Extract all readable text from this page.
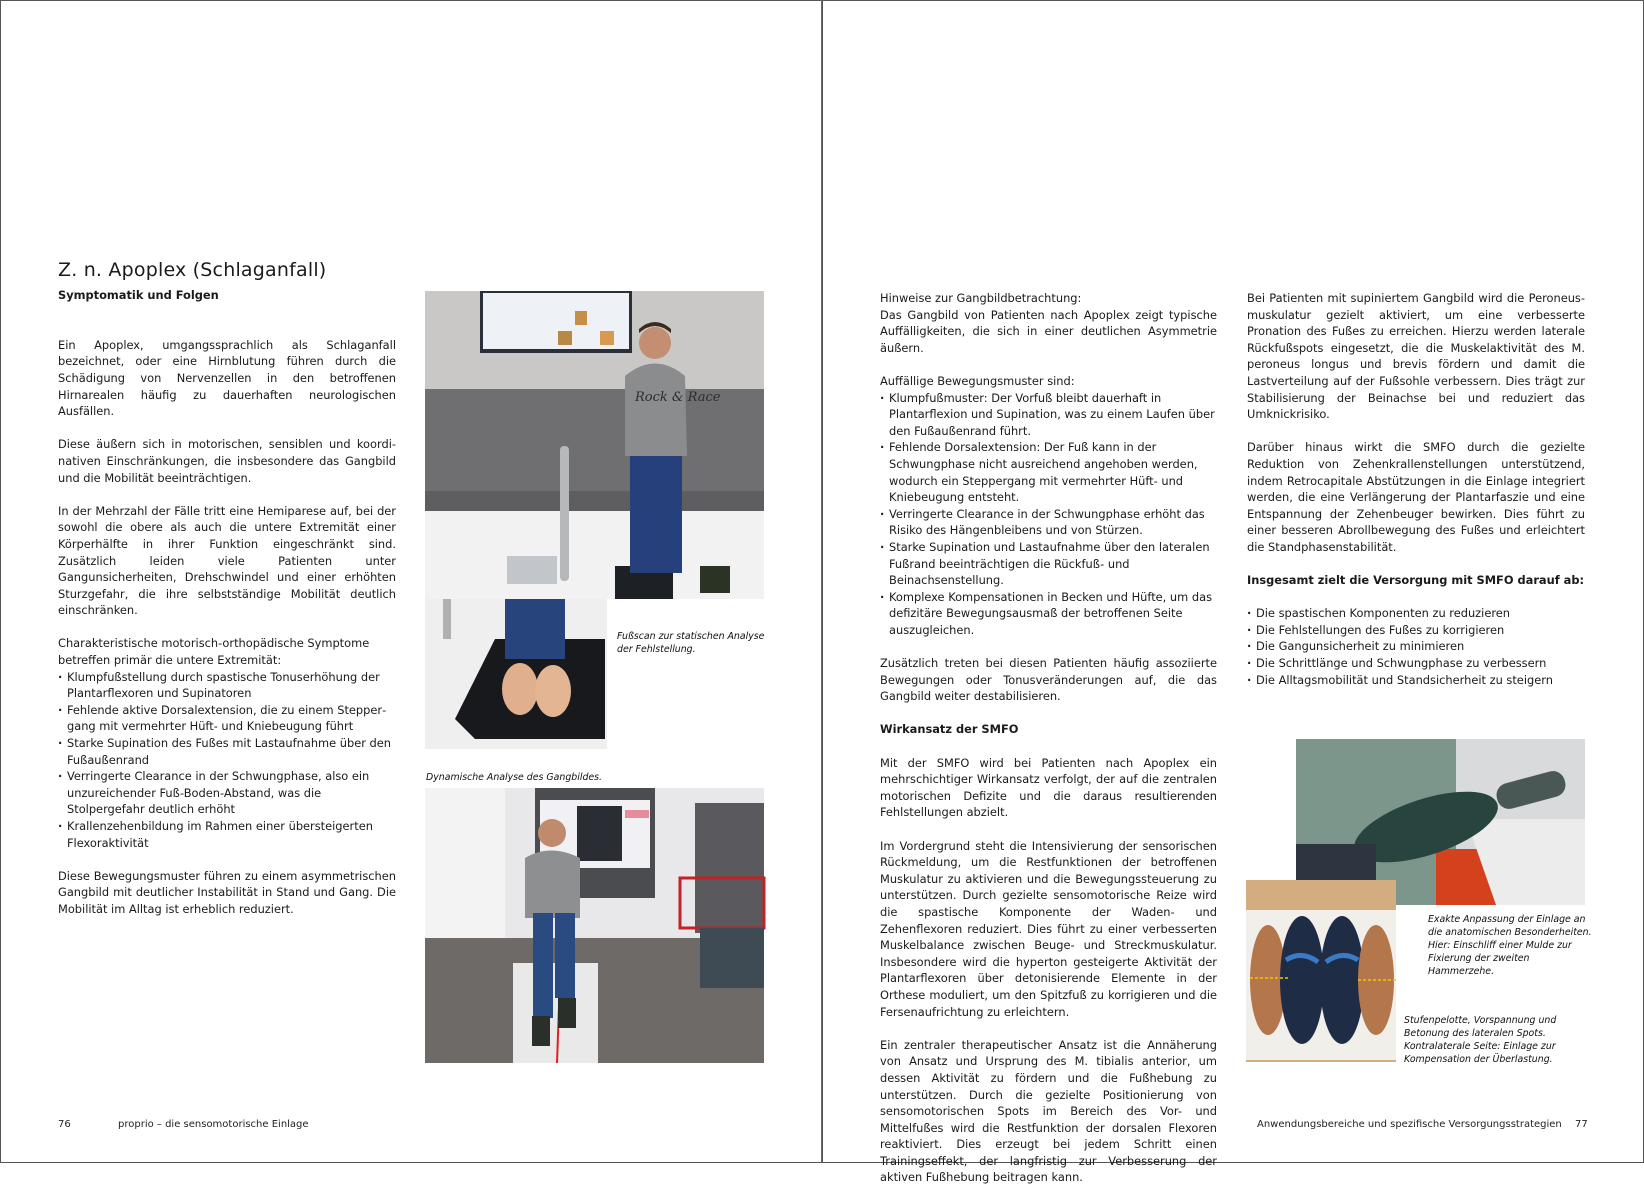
Z. n. Apoplex (Schlaganfall)

Symptomatik und Folgen

Ein Apoplex, umgangssprachlich als Schlaganfall bezeichnet, oder eine Hirnblutung führen durch die Schädigung von Nervenzellen in den betroffenen Hirnarealen häufig zu dauerhaften neurologischen Ausfällen.

Diese äußern sich in motorischen, sensiblen und koordinativen Einschränkungen, die insbesondere das Gangbild und die Mobilität beeinträchtigen.

In der Mehrzahl der Fälle tritt eine Hemiparese auf, bei der sowohl die obere als auch die untere Extremität einer Körperhälfte in ihrer Funktion eingeschränkt sind. Zusätzlich leiden viele Patienten unter Gangunsicherheiten, Drehschwindel und einer erhöhten Sturzgefahr, die ihre selbstständige Mobilität deutlich einschränken.

Charakteristische motorisch-orthopädische Symptome betreffen primär die untere Extremität:

· Klumpfußstellung durch spastische Tonuserhöhung der Plantarflexoren und Supinatoren
· Fehlende aktive Dorsalextension, die zu einem Steppergang mit vermehrter Hüft- und Kniebeugung führt
· Starke Supination des Fußes mit Lastaufnahme über den Fußaußenrand
· Verringerte Clearance in der Schwungphase, also ein unzureichender Fuß-Boden-Abstand, was die Stolpergefahr deutlich erhöht
· Krallenzehenbildung im Rahmen einer übersteigerten Flexoraktivität

Diese Bewegungsmuster führen zu einem asymmetrischen Gangbild mit deutlicher Instabilität in Stand und Gang. Die Mobilität im Alltag ist erheblich reduziert.

Rock & Race
Fußscan zur statischen Analyse der Fehlstellung.
Dynamische Analyse des Gangbildes.
76	proprio – die sensomotorische Einlage

Hinweise zur Gangbildbetrachtung:

Das Gangbild von Patienten nach Apoplex zeigt typische Auffälligkeiten, die sich in einer deutlichen Asymmetrie äußern.

Auffällige Bewegungsmuster sind:

· Klumpfußmuster: Der Vorfuß bleibt dauerhaft in Plantarflexion und Supination, was zu einem Laufen über den Fußaußenrand führt.
· Fehlende Dorsalextension: Der Fuß kann in der Schwungphase nicht ausreichend angehoben werden, wodurch ein Steppergang mit vermehrter Hüft- und Kniebeugung entsteht.
· Verringerte Clearance in der Schwungphase erhöht das Risiko des Hängenbleibens und von Stürzen.
· Starke Supination und Lastaufnahme über den lateralen Fußrand beeinträchtigen die Rückfuß- und Beinachsenstellung.
· Komplexe Kompensationen in Becken und Hüfte, um das defizitäre Bewegungsausmaß der betroffenen Seite auszugleichen.

Zusätzlich treten bei diesen Patienten häufig assoziierte Bewegungen oder Tonusveränderungen auf, die das Gangbild weiter destabilisieren.

Wirkansatz der SMFO

Mit der SMFO wird bei Patienten nach Apoplex ein mehrschichtiger Wirkansatz verfolgt, der auf die zentralen motorischen Defizite und die daraus resultierenden Fehlstellungen abzielt.

Im Vordergrund steht die Intensivierung der sensorischen Rückmeldung, um die Restfunktionen der betroffenen Muskulatur zu aktivieren und die Bewegungssteuerung zu unterstützen. Durch gezielte sensomotorische Reize wird die spastische Komponente der Waden- und Zehenflexoren reduziert. Dies führt zu einer verbesserten Muskelbalance zwischen Beuge- und Streckmuskulatur. Insbesondere wird die hyperton gesteigerte Aktivität der Plantarflexoren über detonisierende Elemente in der Orthese moduliert, um den Spitzfuß zu korrigieren und die Fersenaufrichtung zu erleichtern.

Ein zentraler therapeutischer Ansatz ist die Annäherung von Ansatz und Ursprung des M. tibialis anterior, um dessen Aktivität zu fördern und die Fußhebung zu unterstützen. Durch die gezielte Positionierung von sensomotorischen Spots im Bereich des Vor- und Mittelfußes wird die Restfunktion der dorsalen Flexoren reaktiviert. Dies erzeugt bei jedem Schritt einen Trainingseffekt, der langfristig zur Verbesserung der aktiven Fußhebung beitragen kann.

Bei Patienten mit supiniertem Gangbild wird die Peroneusmuskulatur gezielt aktiviert, um eine verbesserte Pronation des Fußes zu erreichen. Hierzu werden laterale Rückfußspots eingesetzt, die die Muskelaktivität des M. peroneus longus und brevis fördern und damit die Lastverteilung auf der Fußsohle verbessern. Dies trägt zur Stabilisierung der Beinachse bei und reduziert das Umknickrisiko.

Darüber hinaus wirkt die SMFO durch die gezielte Reduktion von Zehenkrallenstellungen unterstützend, indem Retrocapitale Abstützungen in die Einlage integriert werden, die eine Verlängerung der Plantarfaszie und eine Entspannung der Zehenbeuger bewirken. Dies führt zu einer besseren Abrollbewegung des Fußes und erleichtert die Standphasenstabilität.

Insgesamt zielt die Versorgung mit SMFO darauf ab:

· Die spastischen Komponenten zu reduzieren
· Die Fehlstellungen des Fußes zu korrigieren
· Die Gangunsicherheit zu minimieren
· Die Schrittlänge und Schwungphase zu verbessern
· Die Alltagsmobilität und Standsicherheit zu steigern
Exakte Anpassung der Einlage an die anatomischen Besonderheiten. Hier: Einschliff einer Mulde zur Fixierung der zweiten Hammerzehe.
Stufenpelotte, Vorspannung und Betonung des lateralen Spots. Kontralaterale Seite: Einlage zur Kompensation der Überlastung.
Anwendungsbereiche und spezifische Versorgungsstrategien 77
